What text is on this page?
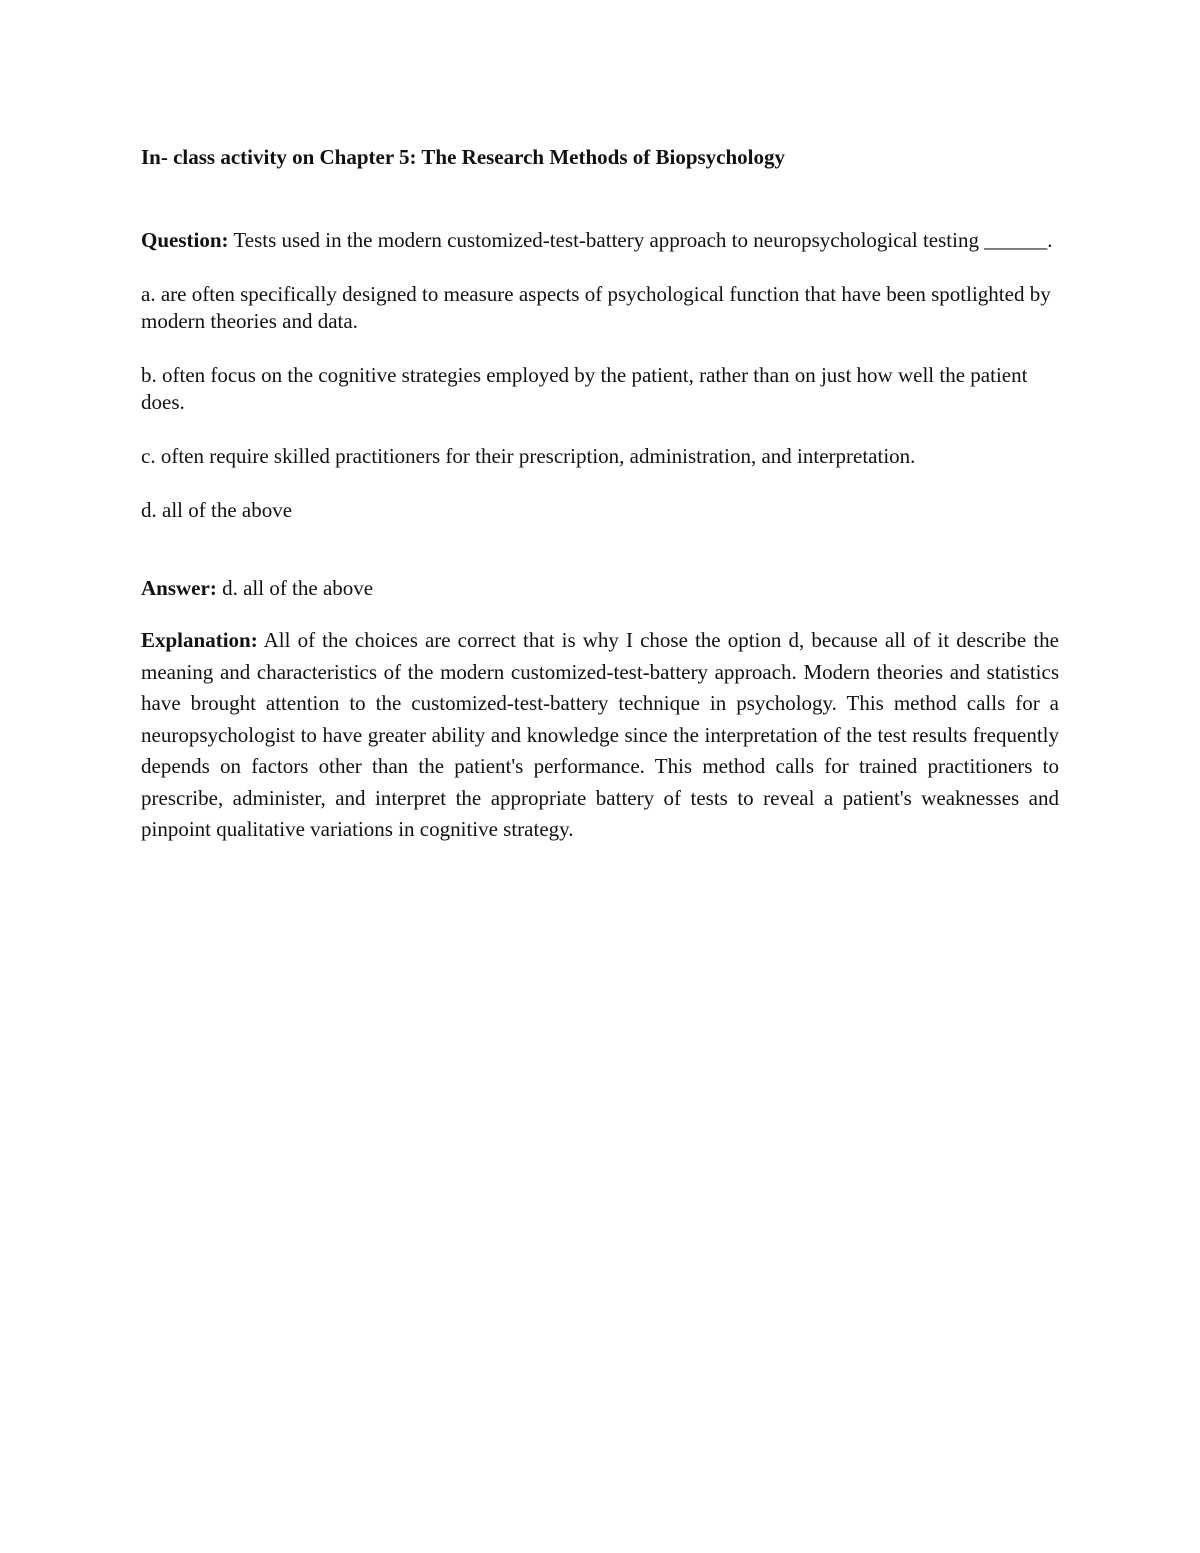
In- class activity on Chapter 5: The Research Methods of Biopsychology

Question: Tests used in the modern customized-test-battery approach to neuropsychological testing ______.

a. are often specifically designed to measure aspects of psychological function that have been spotlighted by modern theories and data.

b. often focus on the cognitive strategies employed by the patient, rather than on just how well the patient does.

c. often require skilled practitioners for their prescription, administration, and interpretation.

d. all of the above

Answer: d. all of the above

Explanation: All of the choices are correct that is why I chose the option d, because all of it describe the meaning and characteristics of the modern customized-test-battery approach. Modern theories and statistics have brought attention to the customized-test-battery technique in psychology. This method calls for a neuropsychologist to have greater ability and knowledge since the interpretation of the test results frequently depends on factors other than the patient's performance. This method calls for trained practitioners to prescribe, administer, and interpret the appropriate battery of tests to reveal a patient's weaknesses and pinpoint qualitative variations in cognitive strategy.
